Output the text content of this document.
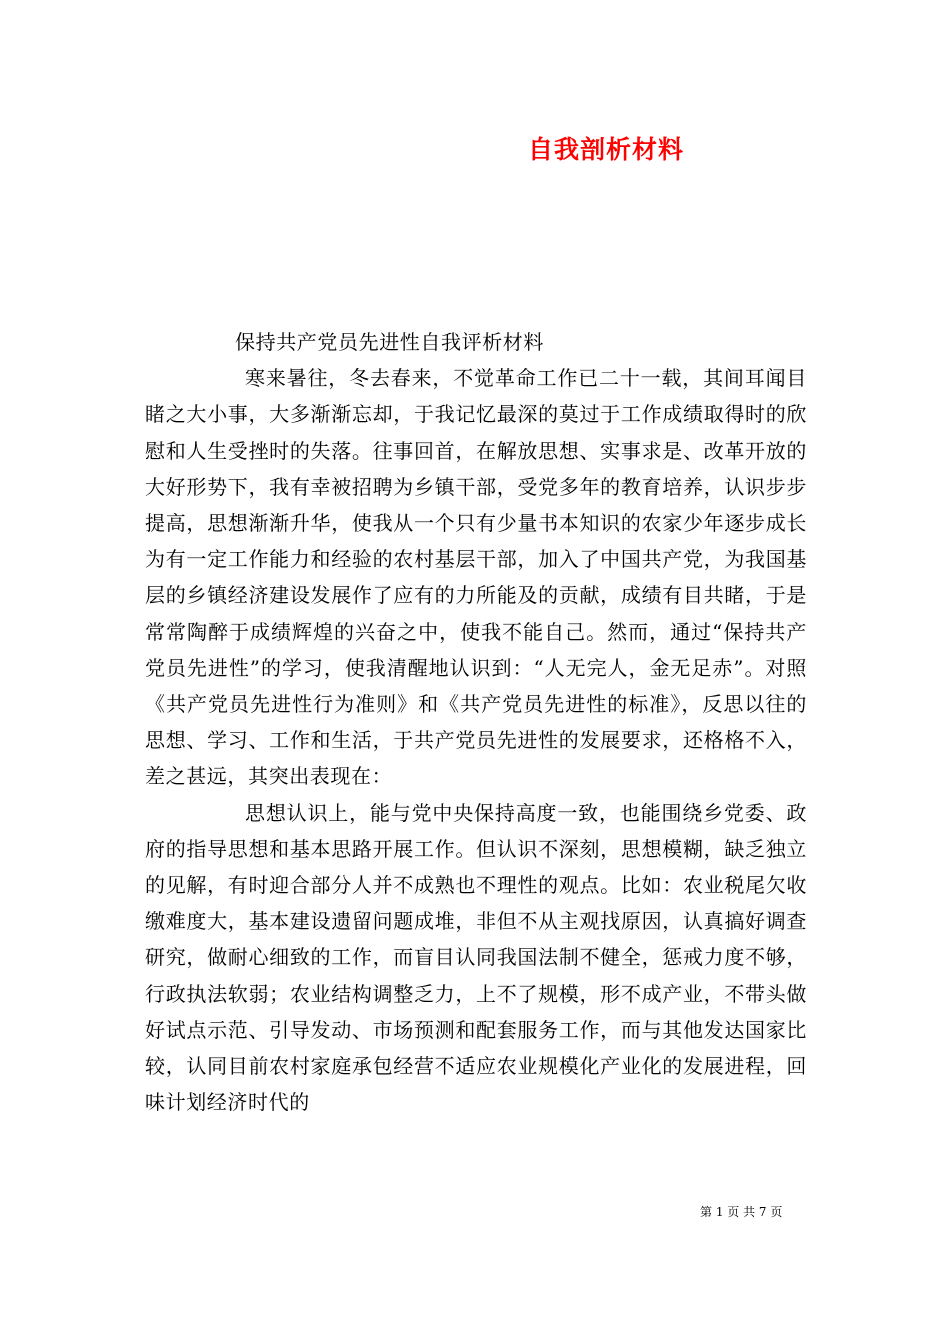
自我剖析材料
保持共产党员先进性自我评析材料

寒来暑往，冬去春来，不觉革命工作已二十一载，其间耳闻目睹之大小事，大多渐渐忘却，于我记忆最深的莫过于工作成绩取得时的欣慰和人生受挫时的失落。往事回首，在解放思想、实事求是、改革开放的大好形势下，我有幸被招聘为乡镇干部，受党多年的教育培养，认识步步提高，思想渐渐升华，使我从一个只有少量书本知识的农家少年逐步成长为有一定工作能力和经验的农村基层干部，加入了中国共产党，为我国基层的乡镇经济建设发展作了应有的力所能及的贡献，成绩有目共睹，于是常常陶醉于成绩辉煌的兴奋之中，使我不能自己。然而，通过“保持共产党员先进性”的学习，使我清醒地认识到：“人无完人，金无足赤”。对照《共产党员先进性行为准则》和《共产党员先进性的标准》，反思以往的思想、学习、工作和生活，于共产党员先进性的发展要求，还格格不入，差之甚远，其突出表现在：

思想认识上，能与党中央保持高度一致，也能围绕乡党委、政府的指导思想和基本思路开展工作。但认识不深刻，思想模糊，缺乏独立的见解，有时迎合部分人并不成熟也不理性的观点。比如：农业税尾欠收缴难度大，基本建设遗留问题成堆，非但不从主观找原因，认真搞好调查研究，做耐心细致的工作，而盲目认同我国法制不健全，惩戒力度不够，行政执法软弱；农业结构调整乏力，上不了规模，形不成产业，不带头做好试点示范、引导发动、市场预测和配套服务工作，而与其他发达国家比较，认同目前农村家庭承包经营不适应农业规模化产业化的发展进程，回味计划经济时代的

第 1 页 共 7 页
